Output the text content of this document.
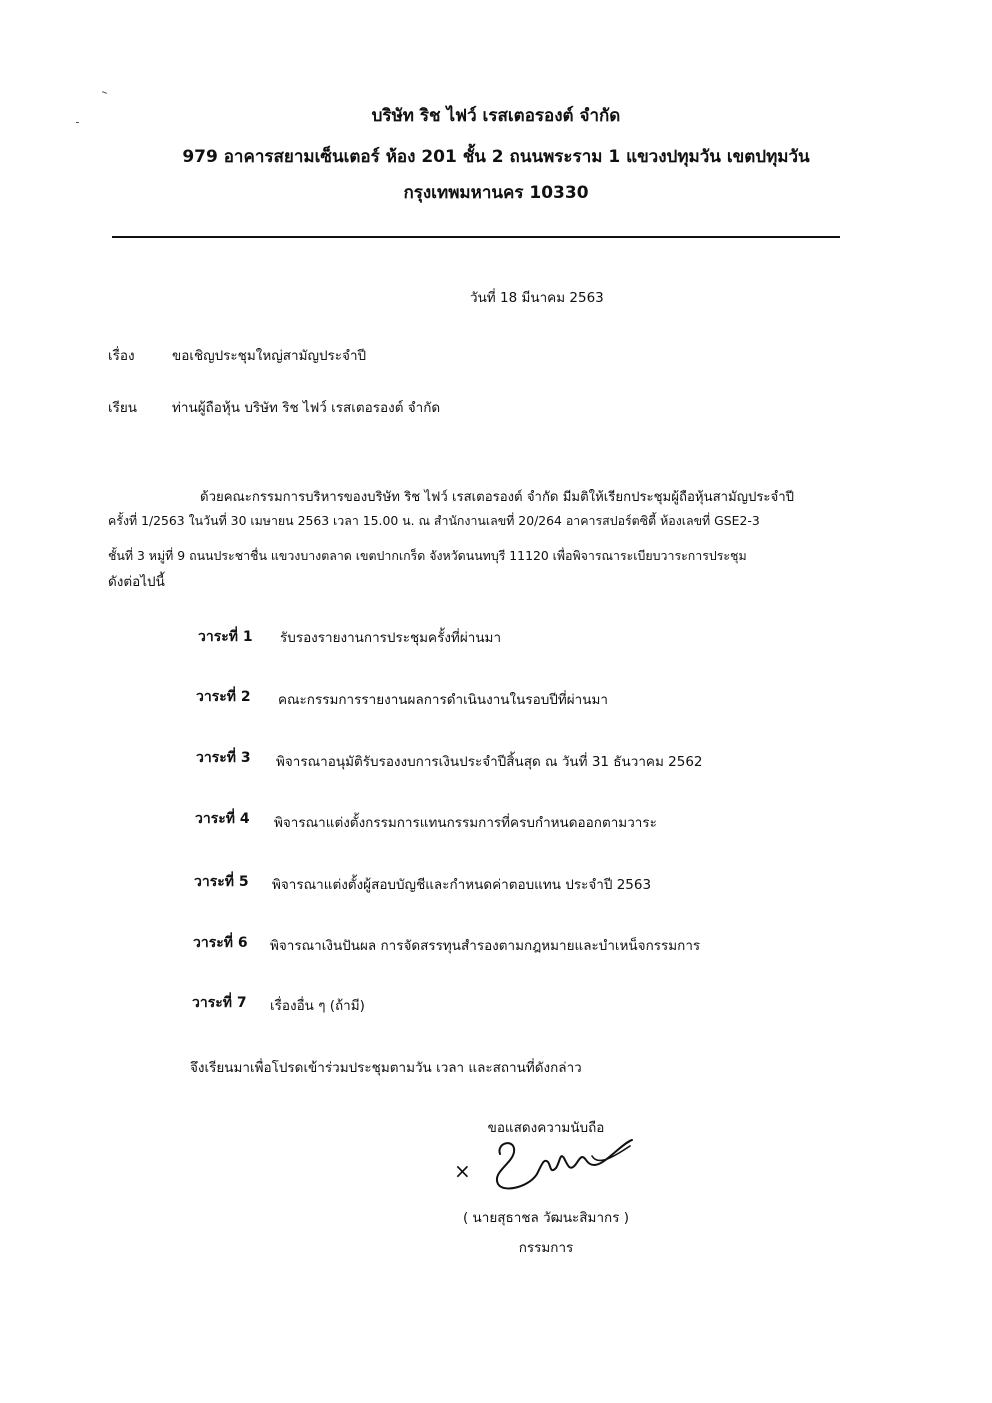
บริษัท ริช ไฟว์ เรสเตอรองต์ จำกัด
979 อาคารสยามเซ็นเตอร์ ห้อง 201 ชั้น 2 ถนนพระราม 1 แขวงปทุมวัน เขตปทุมวัน
กรุงเทพมหานคร 10330
วันที่ 18 มีนาคม 2563
เรื่อง	ขอเชิญประชุมใหญ่สามัญประจำปี
เรียน	ท่านผู้ถือหุ้น บริษัท ริช ไฟว์ เรสเตอรองต์ จำกัด
ด้วยคณะกรรมการบริหารของบริษัท ริช ไฟว์ เรสเตอรองต์ จำกัด มีมติให้เรียกประชุมผู้ถือหุ้นสามัญประจำปี
ครั้งที่ 1/2563 ในวันที่ 30 เมษายน 2563 เวลา 15.00 น. ณ สำนักงานเลขที่ 20/264 อาคารสปอร์ตซิตี้ ห้องเลขที่ GSE2-3
ชั้นที่ 3 หมู่ที่ 9 ถนนประชาชื่น แขวงบางตลาด เขตปากเกร็ด จังหวัดนนทบุรี 11120 เพื่อพิจารณาระเบียบวาระการประชุม
ดังต่อไปนี้
วาระที่ 1 รับรองรายงานการประชุมครั้งที่ผ่านมา
วาระที่ 2 คณะกรรมการรายงานผลการดำเนินงานในรอบปีที่ผ่านมา
วาระที่ 3 พิจารณาอนุมัติรับรองงบการเงินประจำปีสิ้นสุด ณ วันที่ 31 ธันวาคม 2562
วาระที่ 4 พิจารณาแต่งตั้งกรรมการแทนกรรมการที่ครบกำหนดออกตามวาระ
วาระที่ 5 พิจารณาแต่งตั้งผู้สอบบัญชีและกำหนดค่าตอบแทน ประจำปี 2563
วาระที่ 6 พิจารณาเงินปันผล การจัดสรรทุนสำรองตามกฎหมายและบำเหน็จกรรมการ
วาระที่ 7 เรื่องอื่น ๆ (ถ้ามี)
จึงเรียนมาเพื่อโปรดเข้าร่วมประชุมตามวัน เวลา และสถานที่ดังกล่าว
ขอแสดงความนับถือ
×
( นายสุธาชล วัฒนะสิมากร )
กรรมการ
